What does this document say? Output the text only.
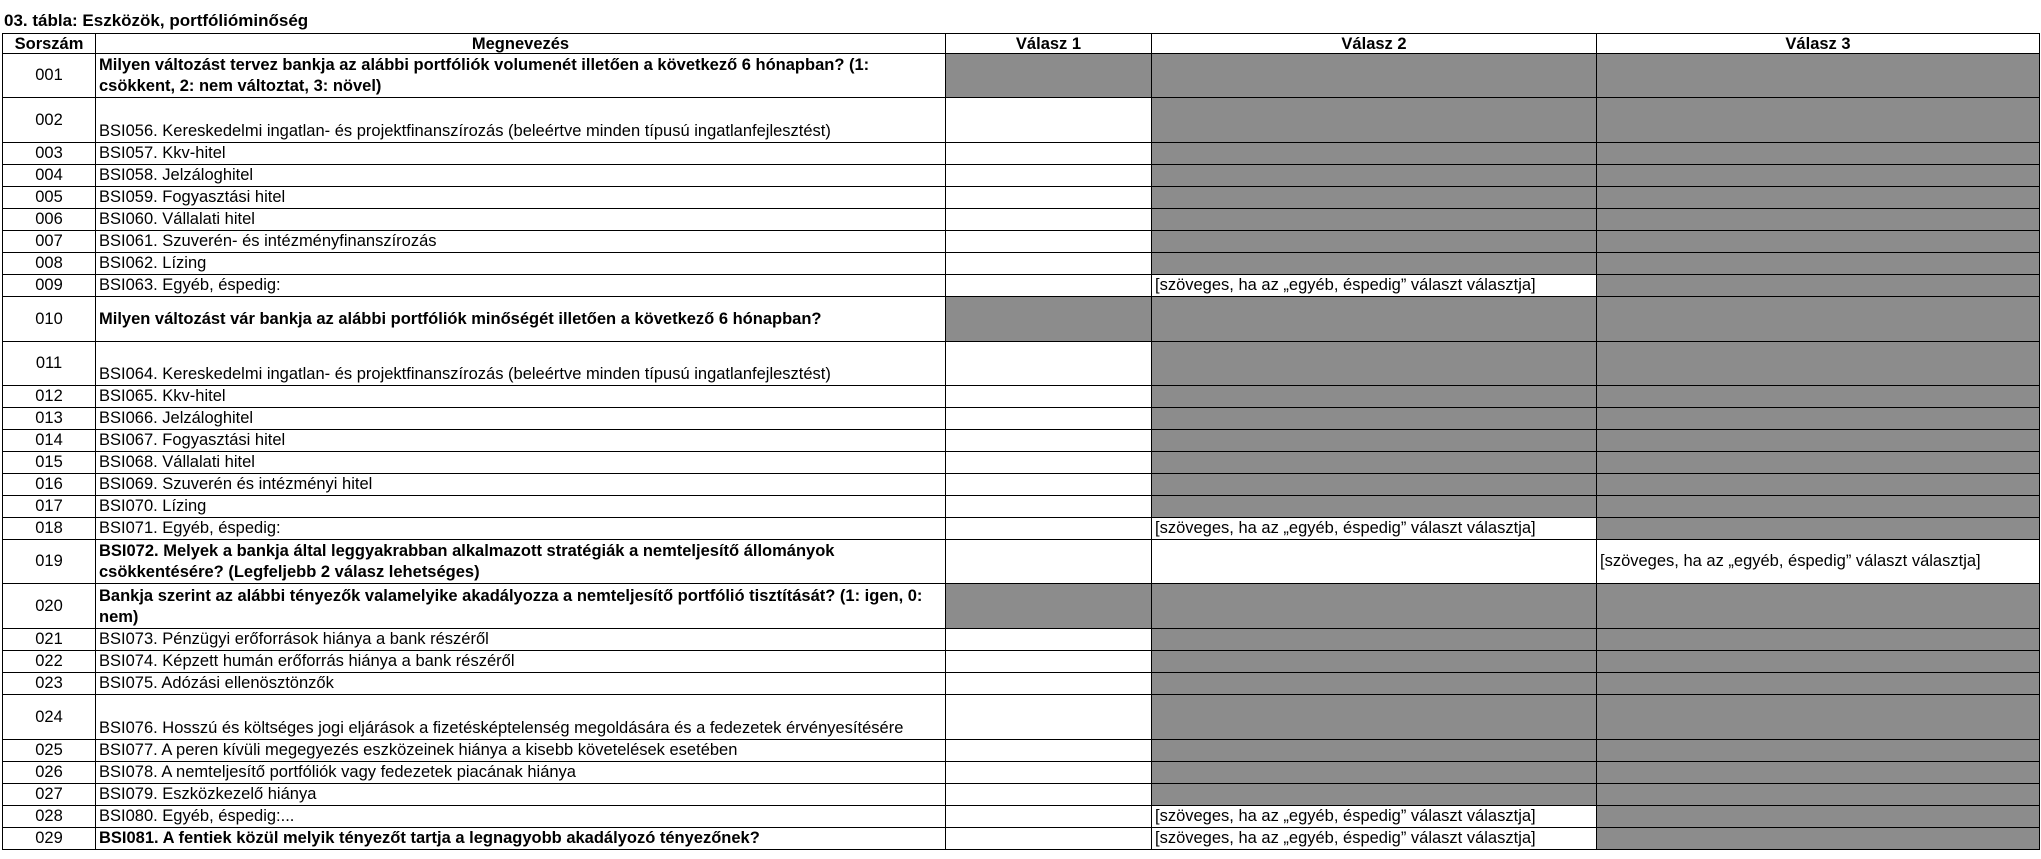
03. tábla: Eszközök, portfólióminőség
Sorszám	Megnevezés	Válasz 1	Válasz 2	Válasz 3
001	Milyen változást tervez bankja az alábbi portfóliók volumenét illetően a következő 6 hónapban? (1: csökkent, 2: nem változtat, 3: növel)			
002	BSI056. Kereskedelmi ingatlan- és projektfinanszírozás (beleértve minden típusú ingatlanfejlesztést)			
003	BSI057. Kkv-hitel			
004	BSI058. Jelzáloghitel			
005	BSI059. Fogyasztási hitel			
006	BSI060. Vállalati hitel			
007	BSI061. Szuverén- és intézményfinanszírozás			
008	BSI062. Lízing			
009	BSI063. Egyéb, éspedig:		[szöveges, ha az „egyéb, éspedig” választ választja]	
010	Milyen változást vár bankja az alábbi portfóliók minőségét illetően a következő 6 hónapban?			
011	BSI064. Kereskedelmi ingatlan- és projektfinanszírozás (beleértve minden típusú ingatlanfejlesztést)			
012	BSI065. Kkv-hitel			
013	BSI066. Jelzáloghitel			
014	BSI067. Fogyasztási hitel			
015	BSI068. Vállalati hitel			
016	BSI069. Szuverén és intézményi hitel			
017	BSI070. Lízing			
018	BSI071. Egyéb, éspedig:		[szöveges, ha az „egyéb, éspedig” választ választja]	
019	BSI072. Melyek a bankja által leggyakrabban alkalmazott stratégiák a nemteljesítő állományok csökkentésére? (Legfeljebb 2 válasz lehetséges)			[szöveges, ha az „egyéb, éspedig” választ választja]
020	Bankja szerint az alábbi tényezők valamelyike akadályozza a nemteljesítő portfólió tisztítását? (1: igen, 0: nem)			
021	BSI073. Pénzügyi erőforrások hiánya a bank részéről			
022	BSI074. Képzett humán erőforrás hiánya a bank részéről			
023	BSI075. Adózási ellenösztönzők			
024	BSI076. Hosszú és költséges jogi eljárások a fizetésképtelenség megoldására és a fedezetek érvényesítésére			
025	BSI077. A peren kívüli megegyezés eszközeinek hiánya a kisebb követelések esetében			
026	BSI078. A nemteljesítő portfóliók vagy fedezetek piacának hiánya			
027	BSI079. Eszközkezelő hiánya			
028	BSI080. Egyéb, éspedig:...		[szöveges, ha az „egyéb, éspedig” választ választja]	
029	BSI081. A fentiek közül melyik tényezőt tartja a legnagyobb akadályozó tényezőnek?		[szöveges, ha az „egyéb, éspedig” választ választja]	
